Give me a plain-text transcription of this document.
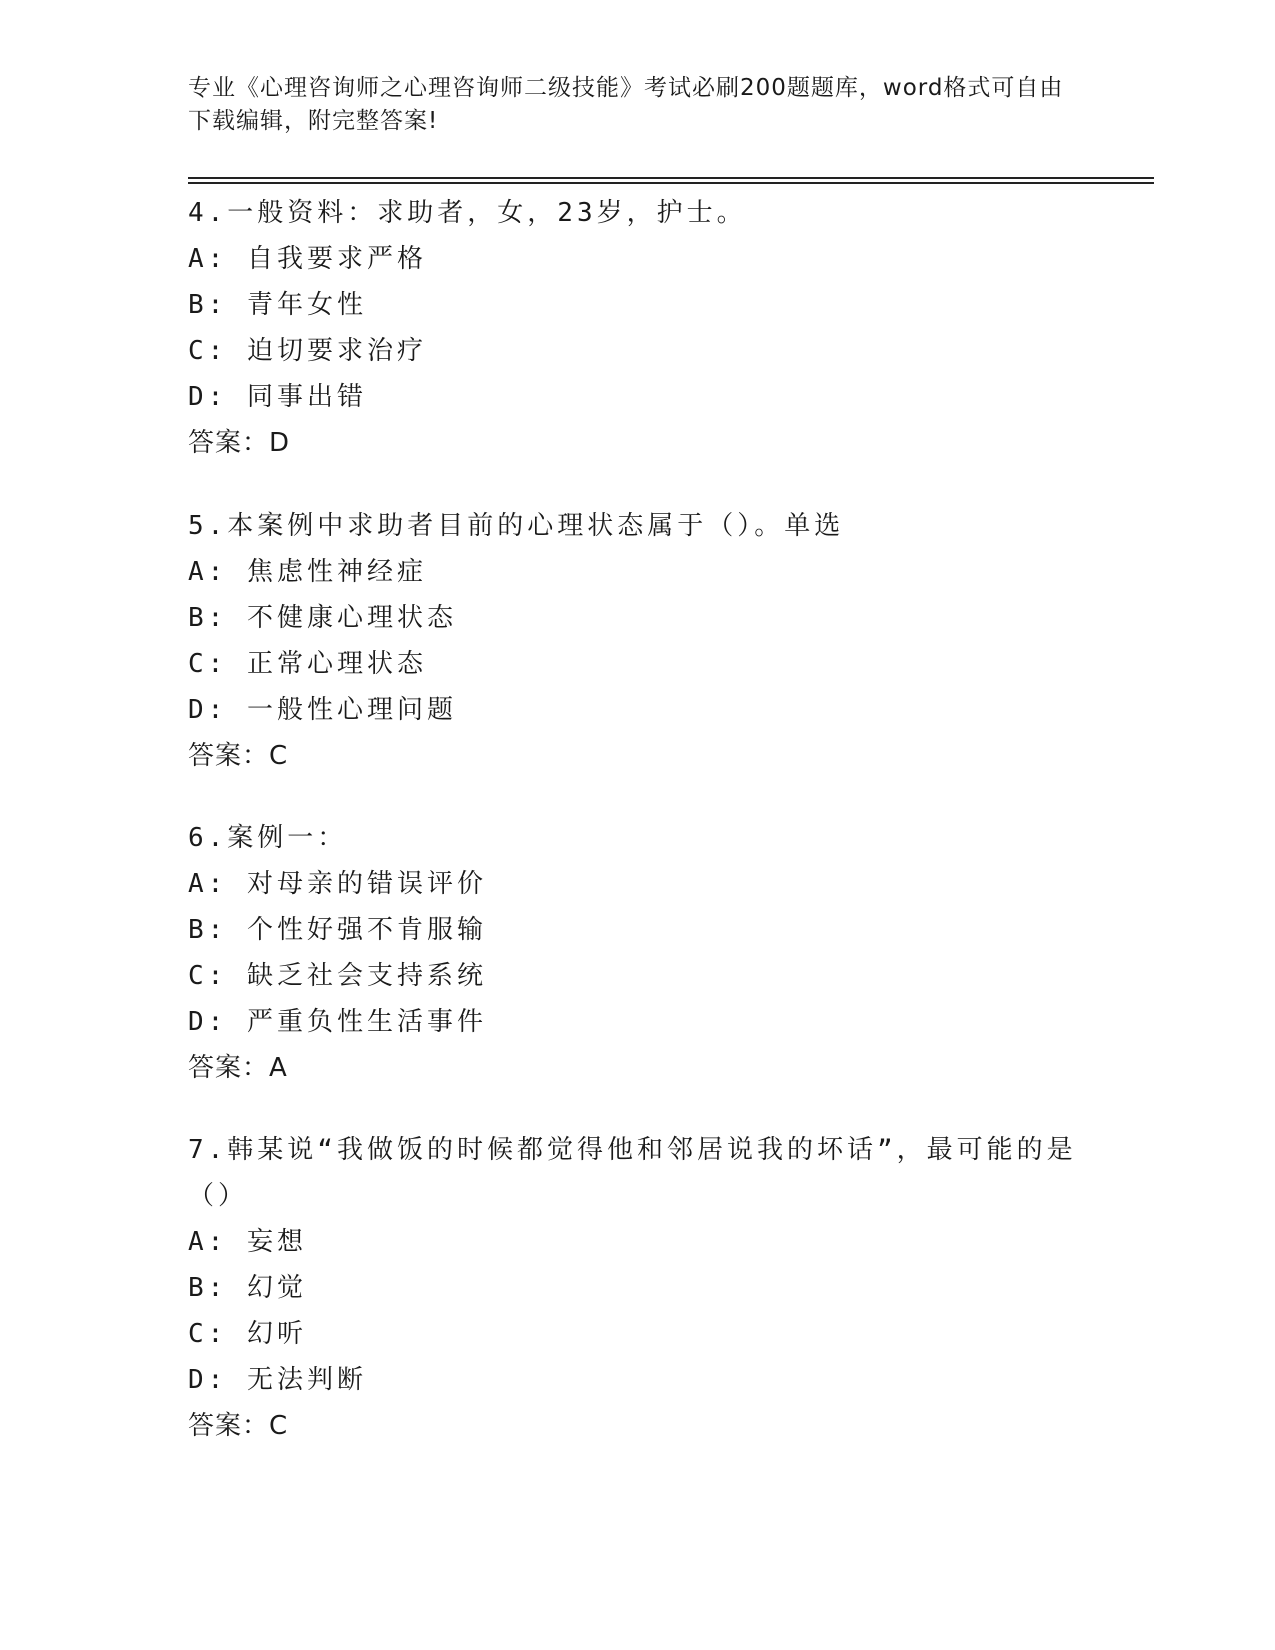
专业《心理咨询师之心理咨询师二级技能》考试必刷200题题库，word格式可自由下载编辑，附完整答案!
4.一般资料：求助者，女，23岁，护士。
A: 自我要求严格
B: 青年女性
C: 迫切要求治疗
D: 同事出错
答案：D
5.本案例中求助者目前的心理状态属于（）。单选
A: 焦虑性神经症
B: 不健康心理状态
C: 正常心理状态
D: 一般性心理问题
答案：C
6.案例一：
A: 对母亲的错误评价
B: 个性好强不肯服输
C: 缺乏社会支持系统
D: 严重负性生活事件
答案：A
7.韩某说“我做饭的时候都觉得他和邻居说我的坏话”，最可能的是（）
A: 妄想
B: 幻觉
C: 幻听
D: 无法判断
答案：C
